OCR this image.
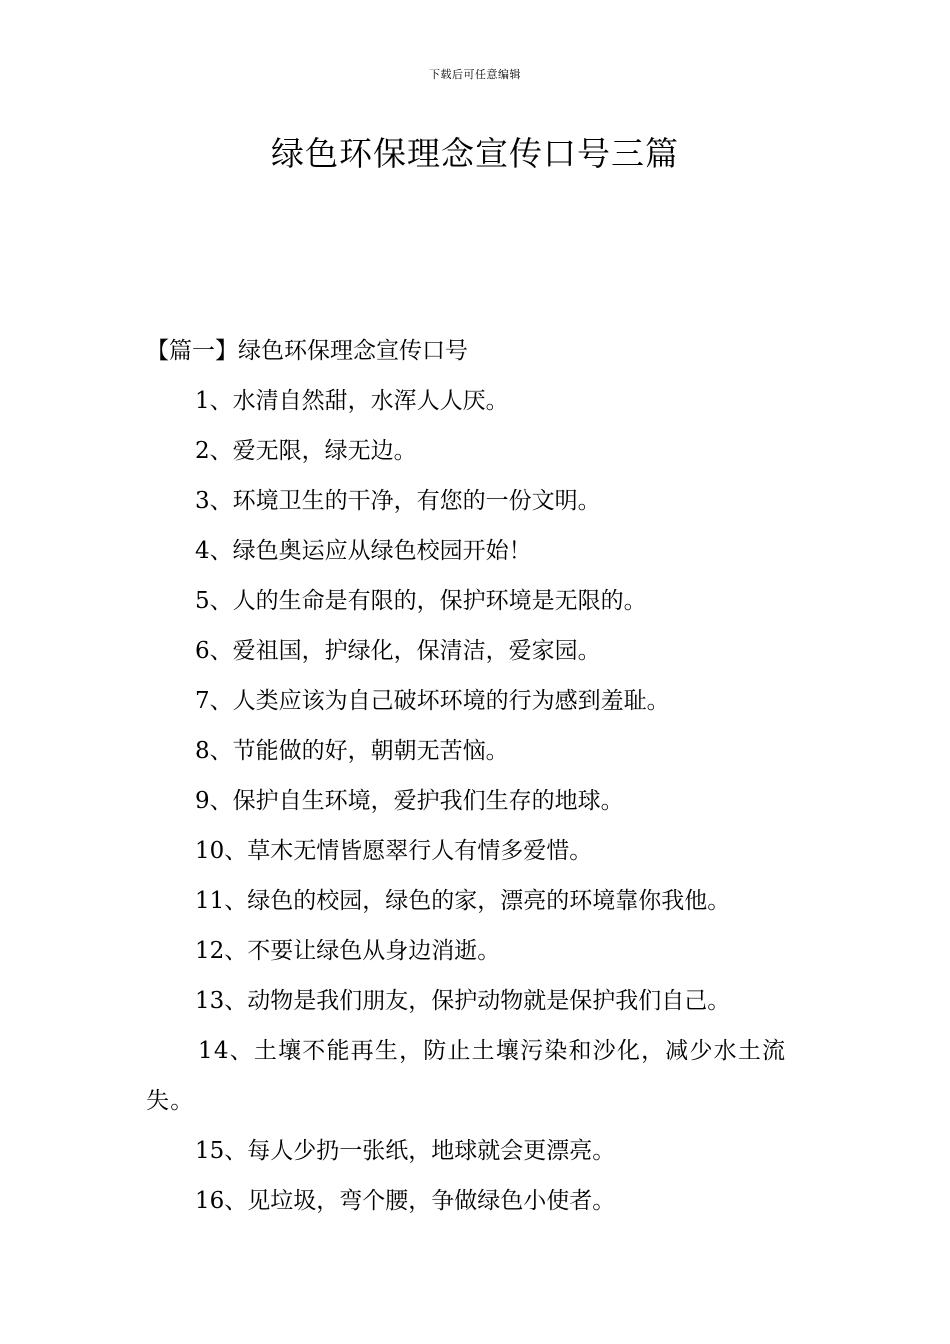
下载后可任意编辑
绿色环保理念宣传口号三篇
【篇一】绿色环保理念宣传口号
1、水清自然甜，水浑人人厌。
2、爱无限，绿无边。
3、环境卫生的干净，有您的一份文明。
4、绿色奥运应从绿色校园开始！
5、人的生命是有限的，保护环境是无限的。
6、爱祖国，护绿化，保清洁，爱家园。
7、人类应该为自己破坏环境的行为感到羞耻。
8、节能做的好，朝朝无苦恼。
9、保护自生环境，爱护我们生存的地球。
10、草木无情皆愿翠行人有情多爱惜。
11、绿色的校园，绿色的家，漂亮的环境靠你我他。
12、不要让绿色从身边消逝。
13、动物是我们朋友，保护动物就是保护我们自己。
14、土壤不能再生，防止土壤污染和沙化，减少水土流失。
15、每人少扔一张纸，地球就会更漂亮。
16、见垃圾，弯个腰，争做绿色小使者。
